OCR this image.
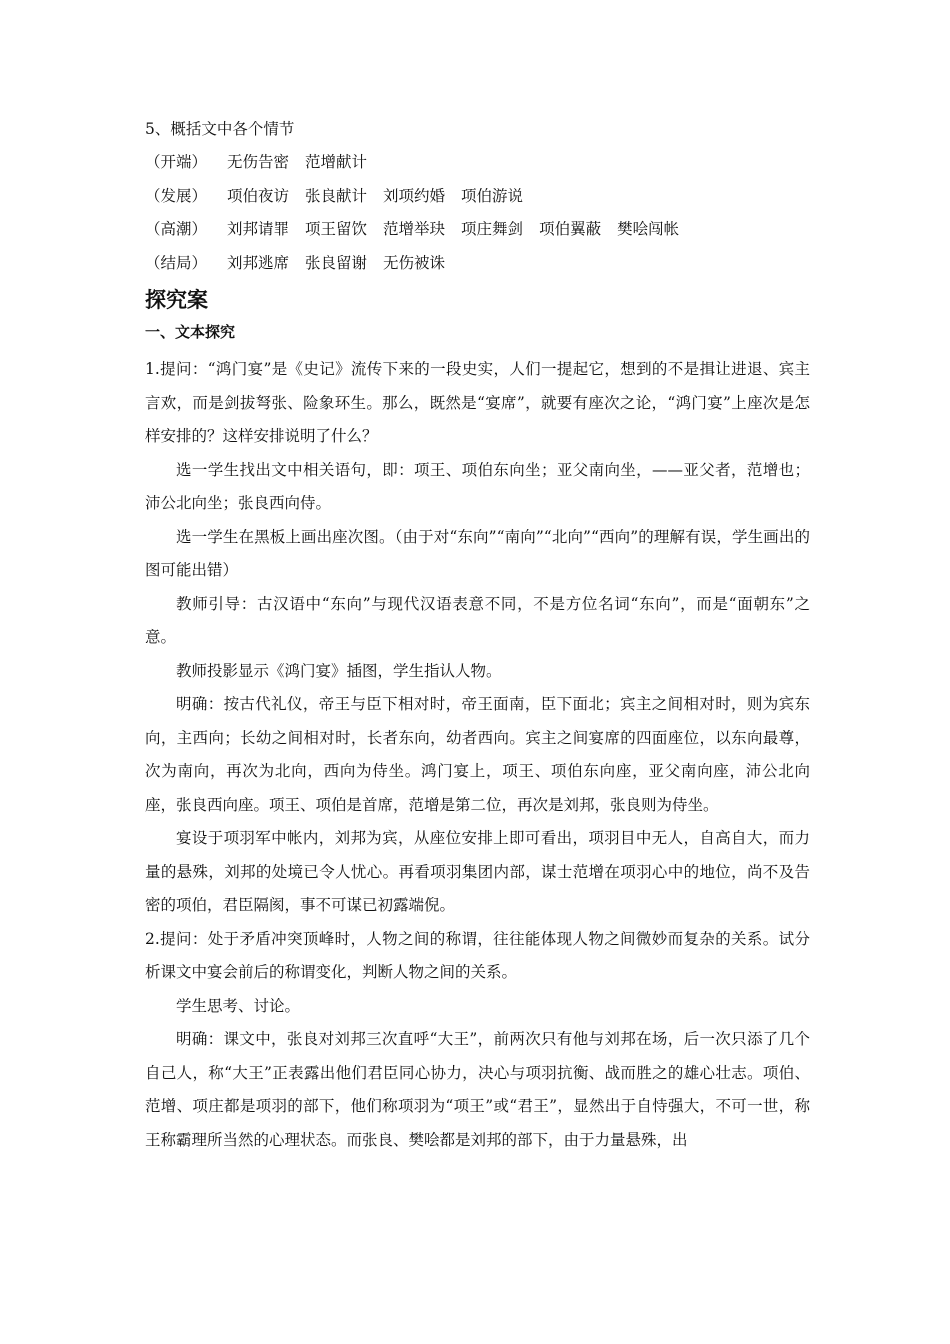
5、概括文中各个情节
（开端） 无伤告密 范增献计
（发展） 项伯夜访 张良献计 刘项约婚 项伯游说
（高潮） 刘邦请罪 项王留饮 范增举玦 项庄舞剑 项伯翼蔽 樊哙闯帐
（结局） 刘邦逃席 张良留谢 无伤被诛
探究案
一、文本探究

1.提问：“鸿门宴”是《史记》流传下来的一段史实，人们一提起它，想到的不是揖让进退、宾主言欢，而是剑拔弩张、险象环生。那么，既然是“宴席”，就要有座次之论，“鸿门宴”上座次是怎样安排的？这样安排说明了什么？

选一学生找出文中相关语句，即：项王、项伯东向坐；亚父南向坐，——亚父者，范增也；沛公北向坐；张良西向侍。

选一学生在黑板上画出座次图。（由于对“东向”“南向”“北向”“西向”的理解有误，学生画出的图可能出错）

教师引导：古汉语中“东向”与现代汉语表意不同，不是方位名词“东向”，而是“面朝东”之意。

教师投影显示《鸿门宴》插图，学生指认人物。

明确：按古代礼仪，帝王与臣下相对时，帝王面南，臣下面北；宾主之间相对时，则为宾东向，主西向；长幼之间相对时，长者东向，幼者西向。宾主之间宴席的四面座位，以东向最尊，次为南向，再次为北向，西向为侍坐。鸿门宴上，项王、项伯东向座，亚父南向座，沛公北向座，张良西向座。项王、项伯是首席，范增是第二位，再次是刘邦，张良则为侍坐。

宴设于项羽军中帐内，刘邦为宾，从座位安排上即可看出，项羽目中无人，自高自大，而力量的悬殊，刘邦的处境已令人忧心。再看项羽集团内部，谋士范增在项羽心中的地位，尚不及告密的项伯，君臣隔阂，事不可谋已初露端倪。

2.提问：处于矛盾冲突顶峰时，人物之间的称谓，往往能体现人物之间微妙而复杂的关系。试分析课文中宴会前后的称谓变化，判断人物之间的关系。

学生思考、讨论。

明确：课文中，张良对刘邦三次直呼“大王”，前两次只有他与刘邦在场，后一次只添了几个自己人，称“大王”正表露出他们君臣同心协力，决心与项羽抗衡、战而胜之的雄心壮志。项伯、范增、项庄都是项羽的部下，他们称项羽为“项王”或“君王”，显然出于自恃强大，不可一世，称王称霸理所当然的心理状态。而张良、樊哙都是刘邦的部下，由于力量悬殊，出
